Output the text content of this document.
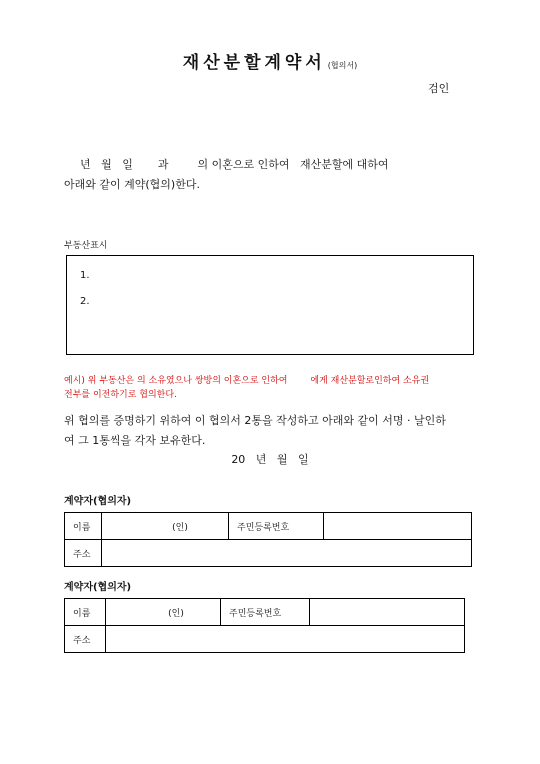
재산분할계약서 (협의서)
검인
년   월   일 과	의 이혼으로 인하여   재산분할에 대하여
아래와 같이 계약(협의)한다.
부동산표시
1.
2.
예시) 위 부동산은 의 소유였으나 쌍방의 이혼으로 인하여        에게 재산분할로인하여 소유권
전부를 이전하기로 협의한다.
위 협의를 증명하기 위하여 이 협의서 2통을 작성하고 아래와 같이 서명 · 날인하
여 그 1통씩을 각자 보유한다.
20   년   월   일
계약자(협의자)
이름	(인)	주민등록번호	
주소			
계약자(협의자)
이름	(인)	주민등록번호	
주소			
